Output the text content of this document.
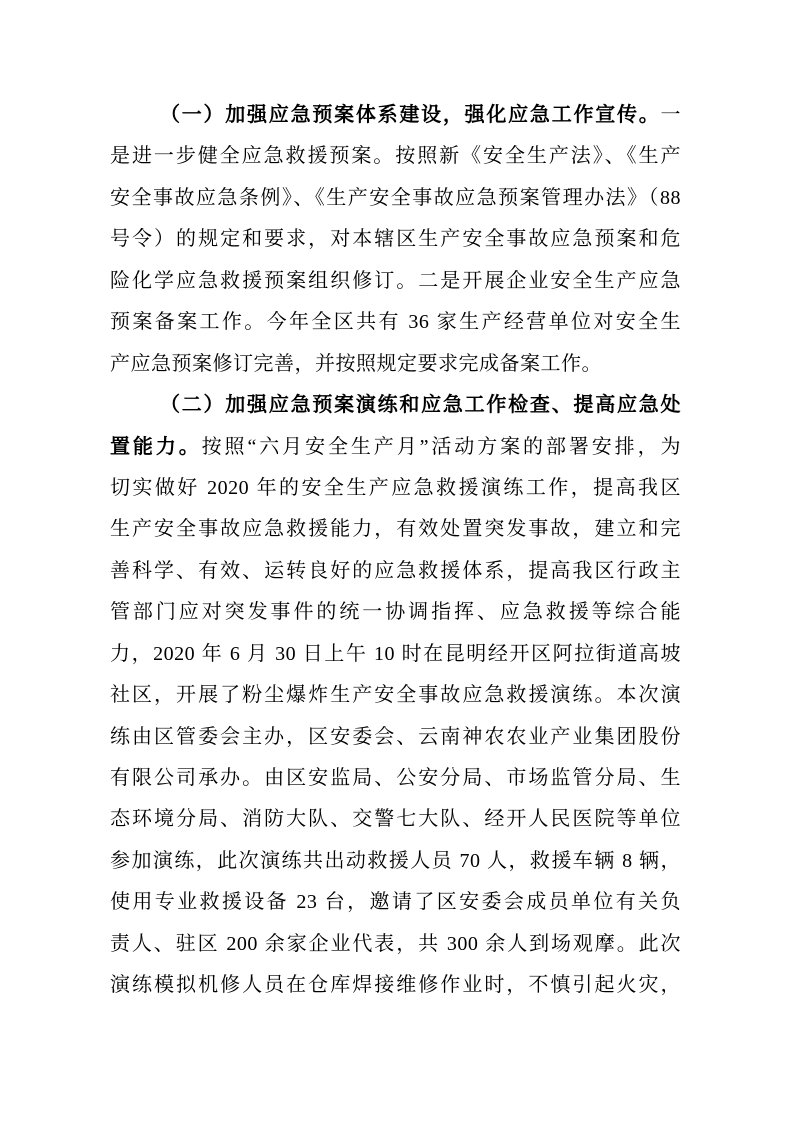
（一）加强应急预案体系建设，强化应急工作宣传。一
是进一步健全应急救援预案。按照新《安全生产法》、《生产
安全事故应急条例》、《生产安全事故应急预案管理办法》（88
号令）的规定和要求，对本辖区生产安全事故应急预案和危
险化学应急救援预案组织修订。二是开展企业安全生产应急
预案备案工作。今年全区共有 36 家生产经营单位对安全生
产应急预案修订完善，并按照规定要求完成备案工作。
（二）加强应急预案演练和应急工作检查、提高应急处
置能力。按照“六月安全生产月”活动方案的部署安排，为
切实做好 2020 年的安全生产应急救援演练工作，提高我区
生产安全事故应急救援能力，有效处置突发事故，建立和完
善科学、有效、运转良好的应急救援体系，提高我区行政主
管部门应对突发事件的统一协调指挥、应急救援等综合能
力，2020 年 6 月 30 日上午 10 时在昆明经开区阿拉街道高坡
社区，开展了粉尘爆炸生产安全事故应急救援演练。本次演
练由区管委会主办，区安委会、云南神农农业产业集团股份
有限公司承办。由区安监局、公安分局、市场监管分局、生
态环境分局、消防大队、交警七大队、经开人民医院等单位
参加演练，此次演练共出动救援人员 70 人，救援车辆 8 辆，
使用专业救援设备 23 台，邀请了区安委会成员单位有关负
责人、驻区 200 余家企业代表，共 300 余人到场观摩。此次
演练模拟机修人员在仓库焊接维修作业时，不慎引起火灾，
